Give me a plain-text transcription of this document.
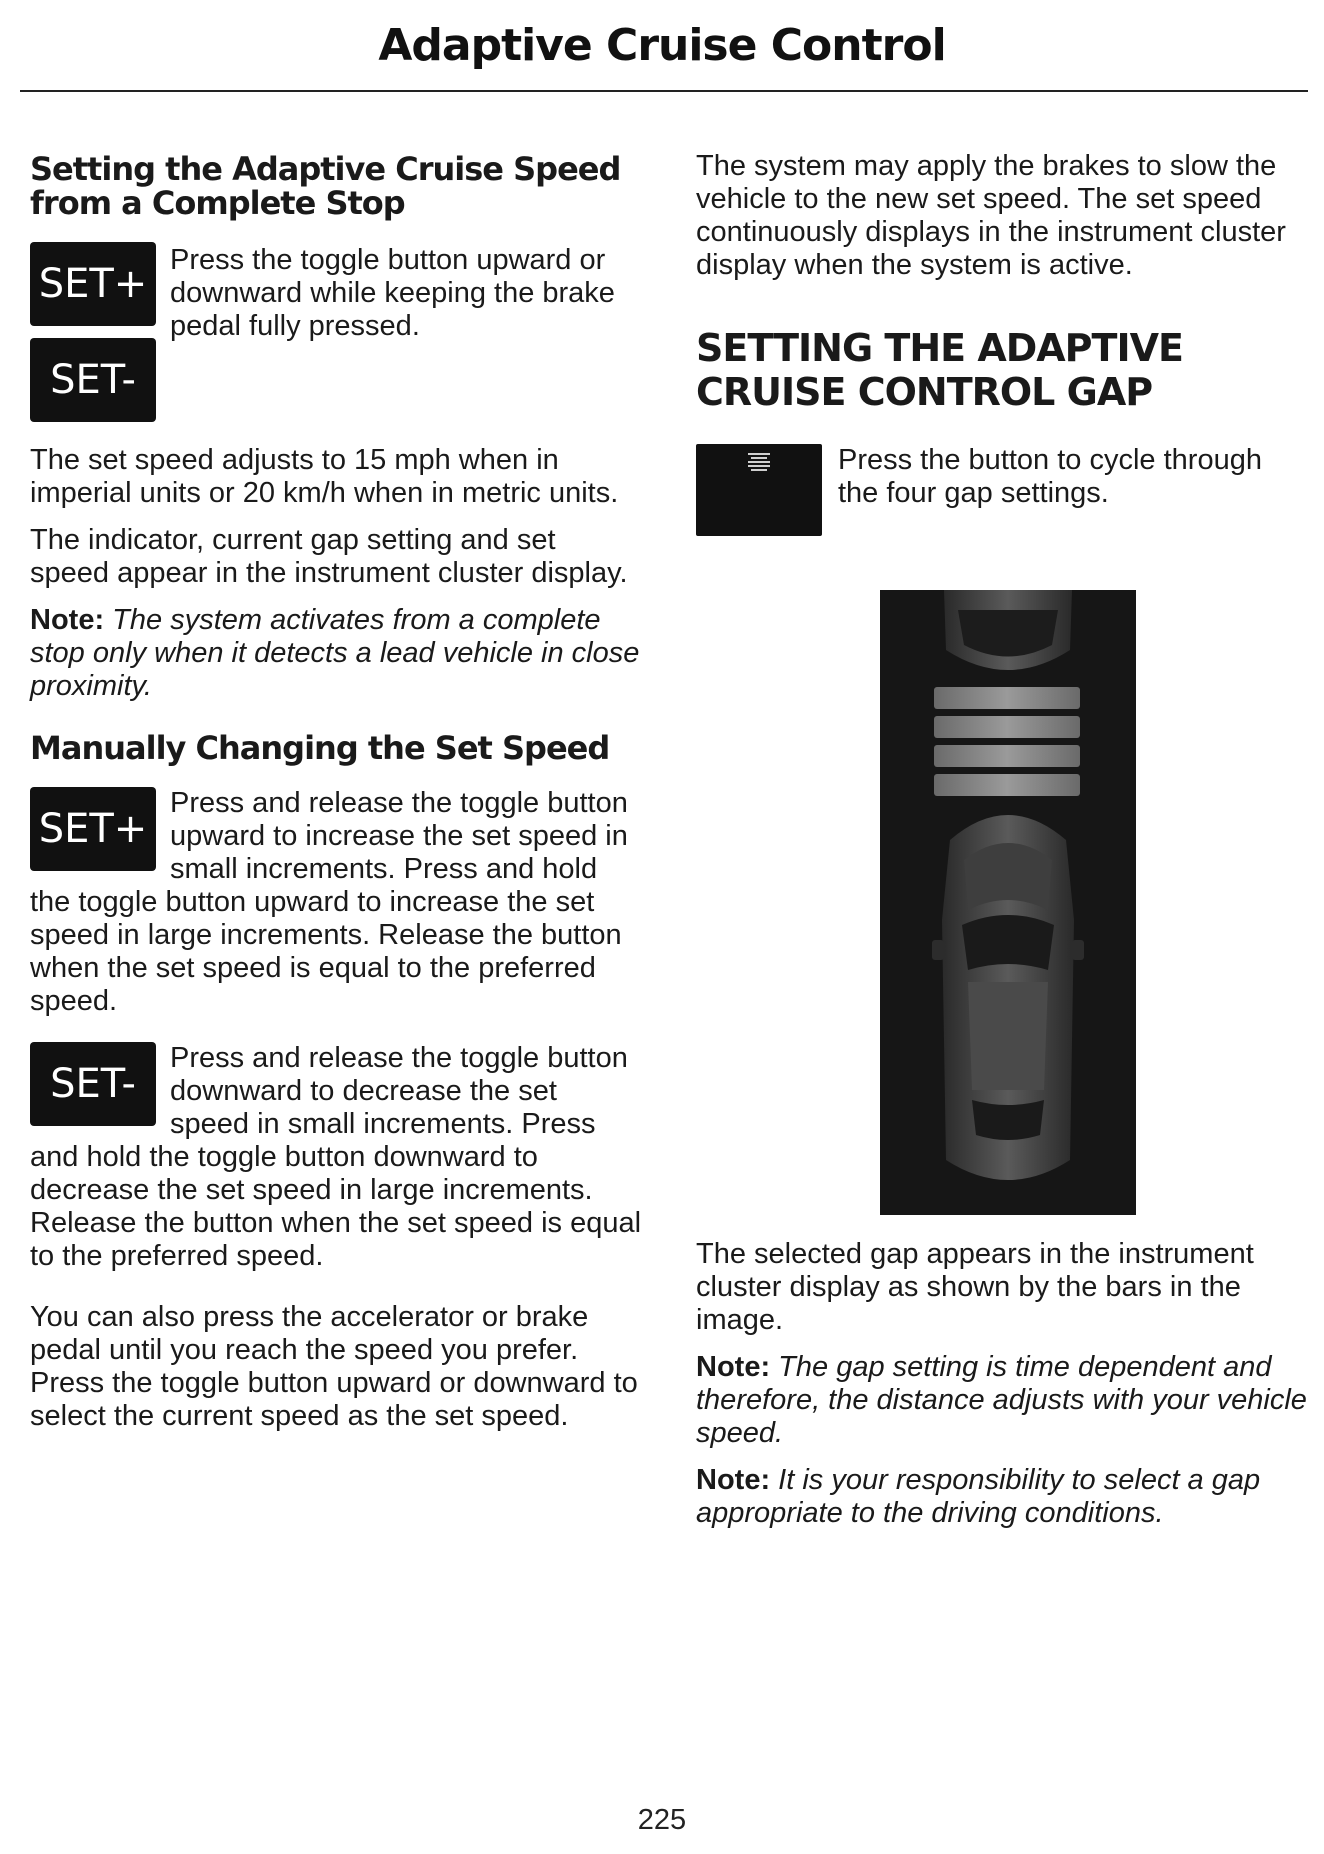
Adaptive Cruise Control
Setting the Adaptive Cruise Speed from a Complete Stop
SET+
SET-

Press the toggle button upward or downward while keeping the brake pedal fully pressed.

The set speed adjusts to 15 mph when in imperial units or 20 km/h when in metric units.

The indicator, current gap setting and set speed appear in the instrument cluster display.

Note: The system activates from a complete stop only when it detects a lead vehicle in close proximity.

Manually Changing the Set Speed
SET+

Press and release the toggle button upward to increase the set speed in small increments. Press and hold the toggle button upward to increase the set speed in large increments. Release the button when the set speed is equal to the preferred speed.

SET-

Press and release the toggle button downward to decrease the set speed in small increments. Press and hold the toggle button downward to decrease the set speed in large increments. Release the button when the set speed is equal to the preferred speed.

You can also press the accelerator or brake pedal until you reach the speed you prefer. Press the toggle button upward or downward to select the current speed as the set speed.

The system may apply the brakes to slow the vehicle to the new set speed. The set speed continuously displays in the instrument cluster display when the system is active.

SETTING THE ADAPTIVE CRUISE CONTROL GAP

Press the button to cycle through the four gap settings.

The selected gap appears in the instrument cluster display as shown by the bars in the image.

Note: The gap setting is time dependent and therefore, the distance adjusts with your vehicle speed.

Note: It is your responsibility to select a gap appropriate to the driving conditions.

225
